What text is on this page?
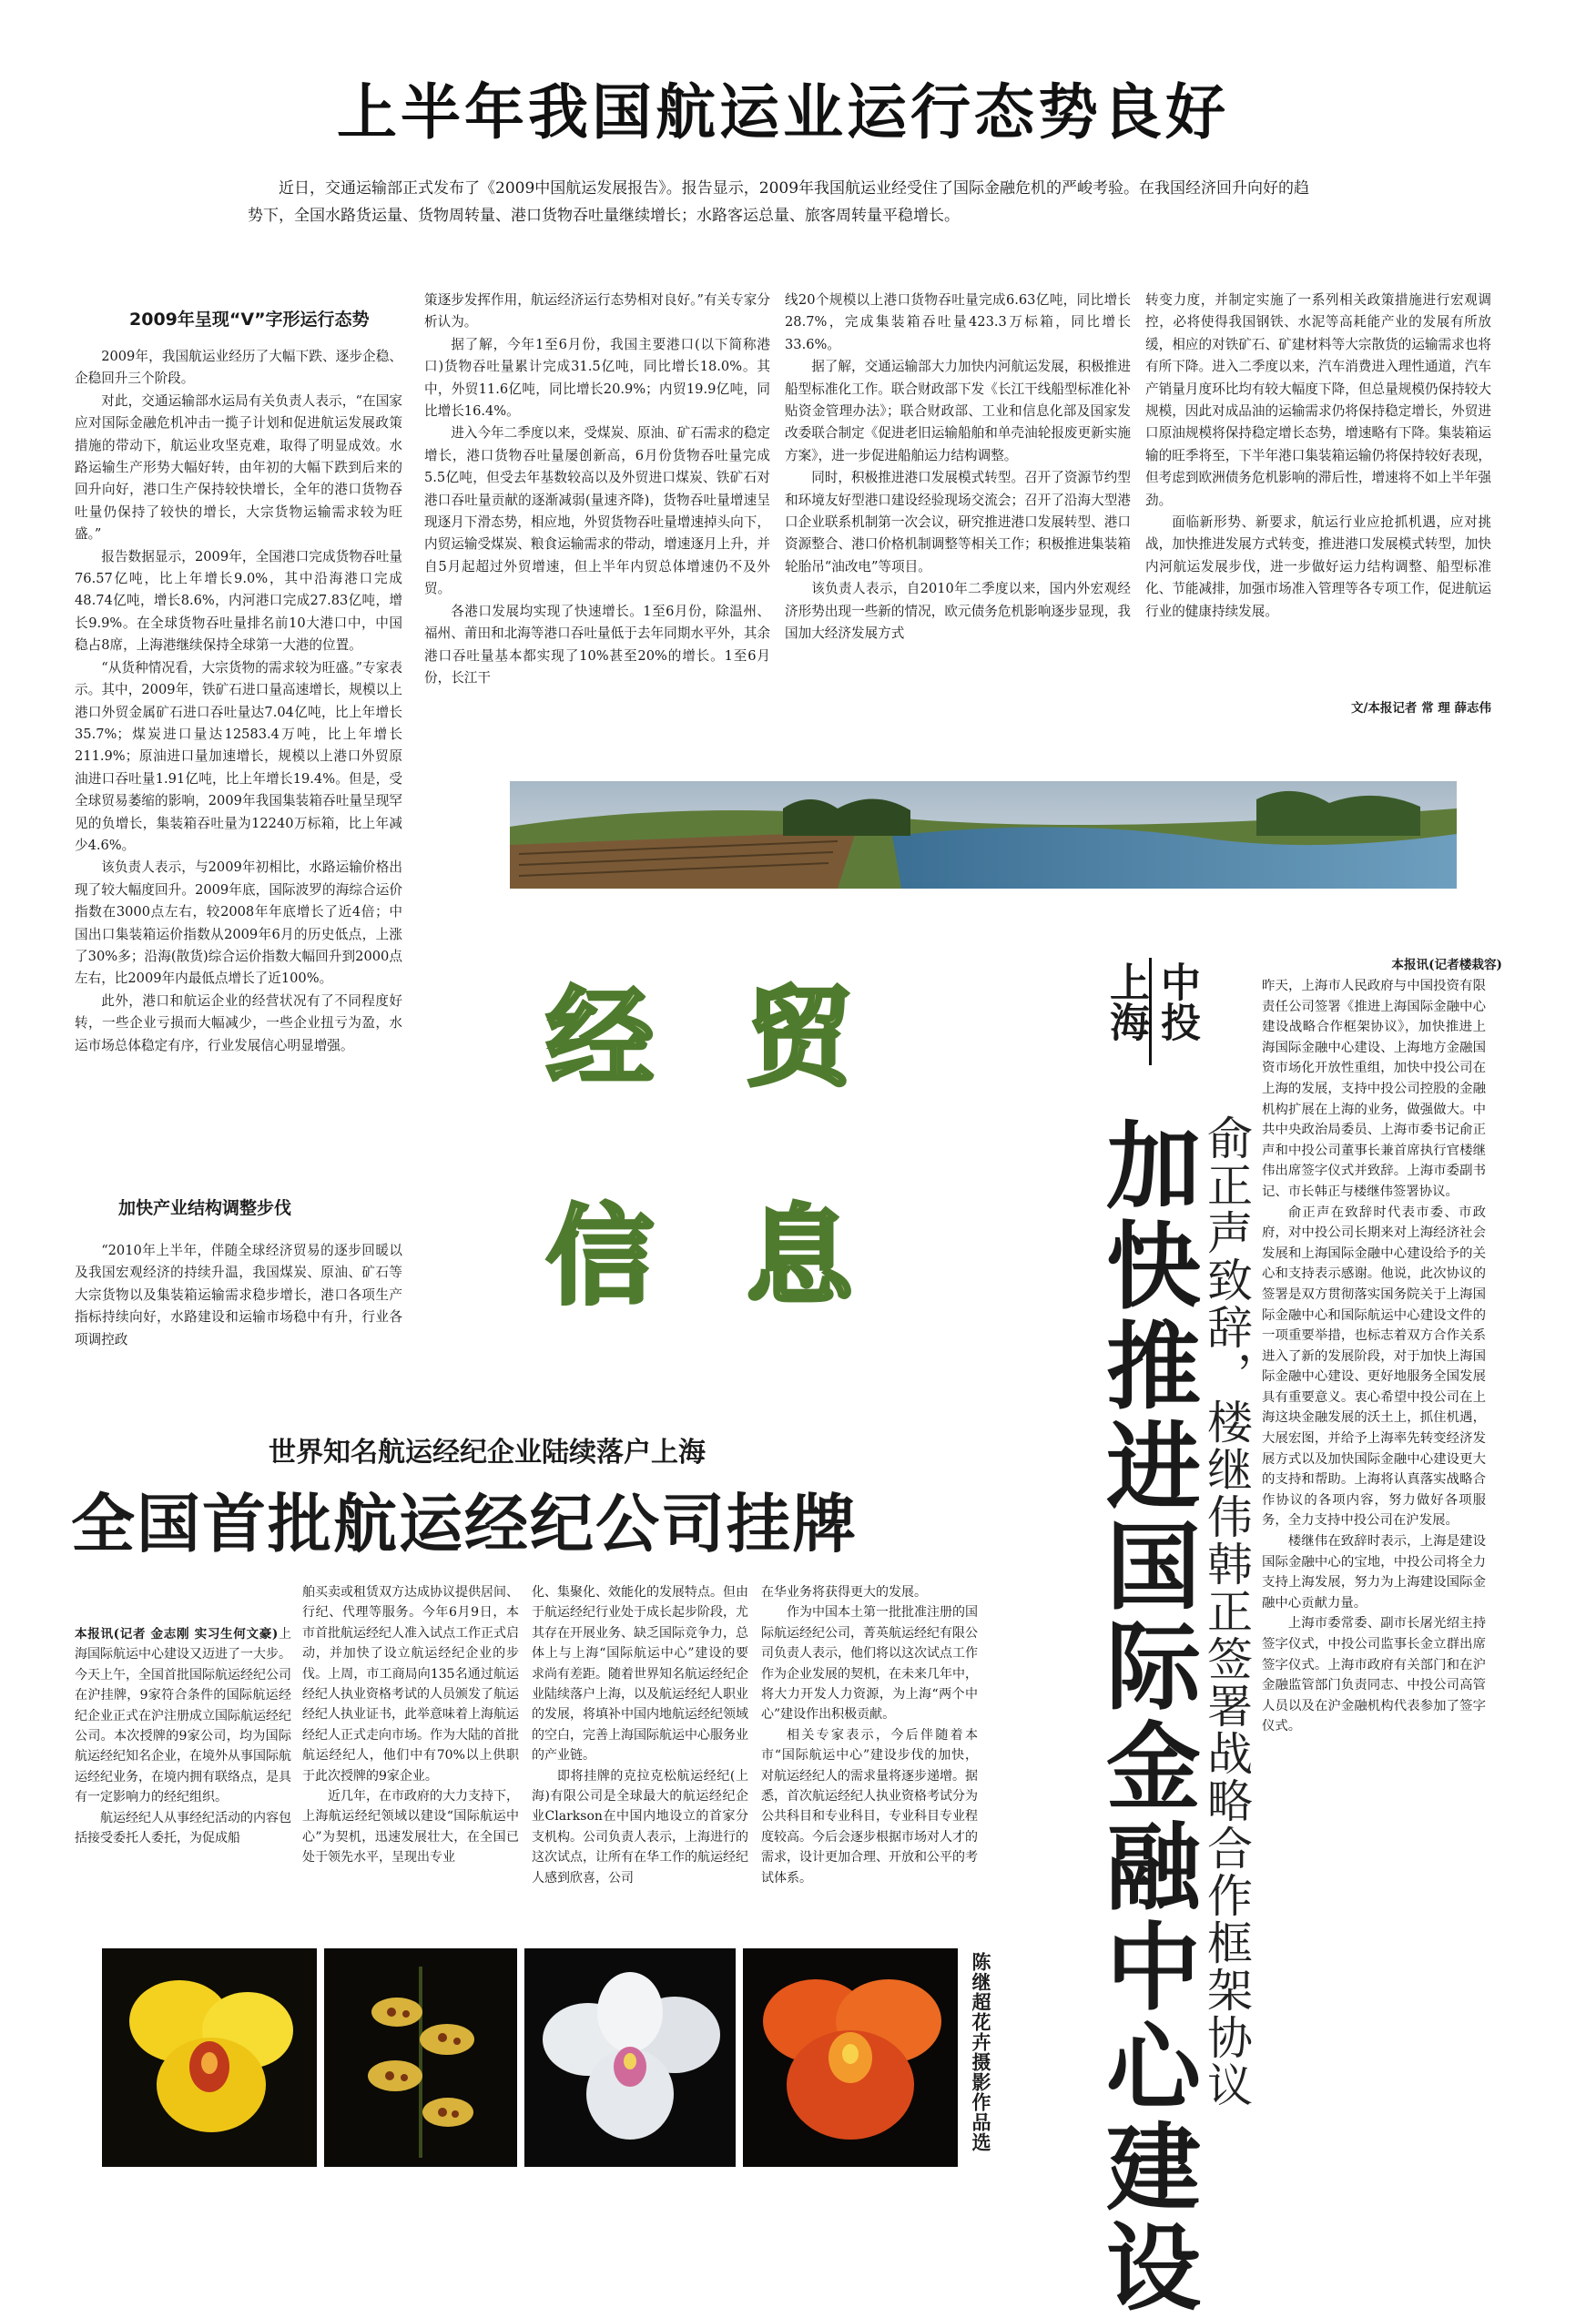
上半年我国航运业运行态势良好
近日，交通运输部正式发布了《2009中国航运发展报告》。报告显示，2009年我国航运业经受住了国际金融危机的严峻考验。在我国经济回升向好的趋势下，全国水路货运量、货物周转量、港口货物吞吐量继续增长；水路客运总量、旅客周转量平稳增长。
2009年呈现“V”字形运行态势

2009年，我国航运业经历了大幅下跌、逐步企稳、企稳回升三个阶段。

对此，交通运输部水运局有关负责人表示，“在国家应对国际金融危机冲击一揽子计划和促进航运发展政策措施的带动下，航运业攻坚克难，取得了明显成效。水路运输生产形势大幅好转，由年初的大幅下跌到后来的回升向好，港口生产保持较快增长，全年的港口货物吞吐量仍保持了较快的增长，大宗货物运输需求较为旺盛。”

报告数据显示，2009年，全国港口完成货物吞吐量76.57亿吨，比上年增长9.0%，其中沿海港口完成48.74亿吨，增长8.6%，内河港口完成27.83亿吨，增长9.9%。在全球货物吞吐量排名前10大港口中，中国稳占8席，上海港继续保持全球第一大港的位置。

“从货种情况看，大宗货物的需求较为旺盛。”专家表示。其中，2009年，铁矿石进口量高速增长，规模以上港口外贸金属矿石进口吞吐量达7.04亿吨，比上年增长35.7%；煤炭进口量达12583.4万吨，比上年增长211.9%；原油进口量加速增长，规模以上港口外贸原油进口吞吐量1.91亿吨，比上年增长19.4%。但是，受全球贸易萎缩的影响，2009年我国集装箱吞吐量呈现罕见的负增长，集装箱吞吐量为12240万标箱，比上年减少4.6%。

该负责人表示，与2009年初相比，水路运输价格出现了较大幅度回升。2009年底，国际波罗的海综合运价指数在3000点左右，较2008年年底增长了近4倍；中国出口集装箱运价指数从2009年6月的历史低点，上涨了30%多；沿海(散货)综合运价指数大幅回升到2000点左右，比2009年内最低点增长了近100%。

此外，港口和航运企业的经营状况有了不同程度好转，一些企业亏损而大幅减少，一些企业扭亏为盈，水运市场总体稳定有序，行业发展信心明显增强。

加快产业结构调整步伐

“2010年上半年，伴随全球经济贸易的逐步回暖以及我国宏观经济的持续升温，我国煤炭、原油、矿石等大宗货物以及集装箱运输需求稳步增长，港口各项生产指标持续向好，水路建设和运输市场稳中有升，行业各项调控政

策逐步发挥作用，航运经济运行态势相对良好。”有关专家分析认为。

据了解，今年1至6月份，我国主要港口(以下简称港口)货物吞吐量累计完成31.5亿吨，同比增长18.0%。其中，外贸11.6亿吨，同比增长20.9%；内贸19.9亿吨，同比增长16.4%。

进入今年二季度以来，受煤炭、原油、矿石需求的稳定增长，港口货物吞吐量屡创新高，6月份货物吞吐量完成5.5亿吨，但受去年基数较高以及外贸进口煤炭、铁矿石对港口吞吐量贡献的逐渐减弱(量速齐降)，货物吞吐量增速呈现逐月下滑态势，相应地，外贸货物吞吐量增速掉头向下，内贸运输受煤炭、粮食运输需求的带动，增速逐月上升，并自5月起超过外贸增速，但上半年内贸总体增速仍不及外贸。

各港口发展均实现了快速增长。1至6月份，除温州、福州、莆田和北海等港口吞吐量低于去年同期水平外，其余港口吞吐量基本都实现了10%甚至20%的增长。1至6月份，长江干

线20个规模以上港口货物吞吐量完成6.63亿吨，同比增长28.7%，完成集装箱吞吐量423.3万标箱，同比增长33.6%。

据了解，交通运输部大力加快内河航运发展，积极推进船型标准化工作。联合财政部下发《长江干线船型标准化补贴资金管理办法》；联合财政部、工业和信息化部及国家发改委联合制定《促进老旧运输船舶和单壳油轮报废更新实施方案》，进一步促进船舶运力结构调整。

同时，积极推进港口发展模式转型。召开了资源节约型和环境友好型港口建设经验现场交流会；召开了沿海大型港口企业联系机制第一次会议，研究推进港口发展转型、港口资源整合、港口价格机制调整等相关工作；积极推进集装箱轮胎吊“油改电”等项目。

该负责人表示，自2010年二季度以来，国内外宏观经济形势出现一些新的情况，欧元债务危机影响逐步显现，我国加大经济发展方式

转变力度，并制定实施了一系列相关政策措施进行宏观调控，必将使得我国钢铁、水泥等高耗能产业的发展有所放缓，相应的对铁矿石、矿建材料等大宗散货的运输需求也将有所下降。进入二季度以来，汽车消费进入理性通道，汽车产销量月度环比均有较大幅度下降，但总量规模仍保持较大规模，因此对成品油的运输需求仍将保持稳定增长，外贸进口原油规模将保持稳定增长态势，增速略有下降。集装箱运输的旺季将至，下半年港口集装箱运输仍将保持较好表现，但考虑到欧洲债务危机影响的滞后性，增速将不如上半年强劲。

面临新形势、新要求，航运行业应抢抓机遇，应对挑战，加快推进发展方式转变，推进港口发展模式转型，加快内河航运发展步伐，进一步做好运力结构调整、船型标准化、节能减排，加强市场准入管理等各专项工作，促进航运行业的健康持续发展。

文/本报记者 常 理 薛志伟
经 贸
信 息
上海 中投
加快推进国际金融中心建设 俞正声致辞，楼继伟韩正签署战略合作框架协议
本报讯(记者楼栽容)

昨天，上海市人民政府与中国投资有限责任公司签署《推进上海国际金融中心建设战略合作框架协议》，加快推进上海国际金融中心建设、上海地方金融国资市场化开放性重组，加快中投公司在上海的发展，支持中投公司控股的金融机构扩展在上海的业务，做强做大。中共中央政治局委员、上海市委书记俞正声和中投公司董事长兼首席执行官楼继伟出席签字仪式并致辞。上海市委副书记、市长韩正与楼继伟签署协议。

俞正声在致辞时代表市委、市政府，对中投公司长期来对上海经济社会发展和上海国际金融中心建设给予的关心和支持表示感谢。他说，此次协议的签署是双方贯彻落实国务院关于上海国际金融中心和国际航运中心建设文件的一项重要举措，也标志着双方合作关系进入了新的发展阶段，对于加快上海国际金融中心建设、更好地服务全国发展具有重要意义。衷心希望中投公司在上海这块金融发展的沃土上，抓住机遇，大展宏图，并给予上海率先转变经济发展方式以及加快国际金融中心建设更大的支持和帮助。上海将认真落实战略合作协议的各项内容，努力做好各项服务，全力支持中投公司在沪发展。

楼继伟在致辞时表示，上海是建设国际金融中心的宝地，中投公司将全力支持上海发展，努力为上海建设国际金融中心贡献力量。

上海市委常委、副市长屠光绍主持签字仪式，中投公司监事长金立群出席签字仪式。上海市政府有关部门和在沪金融监管部门负责同志、中投公司高管人员以及在沪金融机构代表参加了签字仪式。

世界知名航运经纪企业陆续落户上海
全国首批航运经纪公司挂牌

本报讯(记者 金志刚 实习生何文豪)上海国际航运中心建设又迈进了一大步。今天上午，全国首批国际航运经纪公司在沪挂牌，9家符合条件的国际航运经纪企业正式在沪注册成立国际航运经纪公司。本次授牌的9家公司，均为国际航运经纪知名企业，在境外从事国际航运经纪业务，在境内拥有联络点，是具有一定影响力的经纪组织。

航运经纪人从事经纪活动的内容包括接受委托人委托，为促成船

舶买卖或租赁双方达成协议提供居间、行纪、代理等服务。今年6月9日，本市首批航运经纪人准入试点工作正式启动，并加快了设立航运经纪企业的步伐。上周，市工商局向135名通过航运经纪人执业资格考试的人员颁发了航运经纪人执业证书，此举意味着上海航运经纪人正式走向市场。作为大陆的首批航运经纪人，他们中有70%以上供职于此次授牌的9家企业。

近几年，在市政府的大力支持下，上海航运经纪领域以建设“国际航运中心”为契机，迅速发展壮大，在全国已处于领先水平，呈现出专业

化、集聚化、效能化的发展特点。但由于航运经纪行业处于成长起步阶段，尤其存在开展业务、缺乏国际竞争力，总体上与上海“国际航运中心”建设的要求尚有差距。随着世界知名航运经纪企业陆续落户上海，以及航运经纪人职业的发展，将填补中国内地航运经纪领域的空白，完善上海国际航运中心服务业的产业链。

即将挂牌的克拉克松航运经纪(上海)有限公司是全球最大的航运经纪企业Clarkson在中国内地设立的首家分支机构。公司负责人表示，上海进行的这次试点，让所有在华工作的航运经纪人感到欣喜，公司

在华业务将获得更大的发展。

作为中国本土第一批批准注册的国际航运经纪公司，菁英航运经纪有限公司负责人表示，他们将以这次试点工作作为企业发展的契机，在未来几年中，将大力开发人力资源，为上海“两个中心”建设作出积极贡献。

相关专家表示，今后伴随着本市“国际航运中心”建设步伐的加快，对航运经纪人的需求量将逐步递增。据悉，首次航运经纪人执业资格考试分为公共科目和专业科目，专业科目专业程度较高。今后会逐步根据市场对人才的需求，设计更加合理、开放和公平的考试体系。

陈继超花卉摄影作品选
